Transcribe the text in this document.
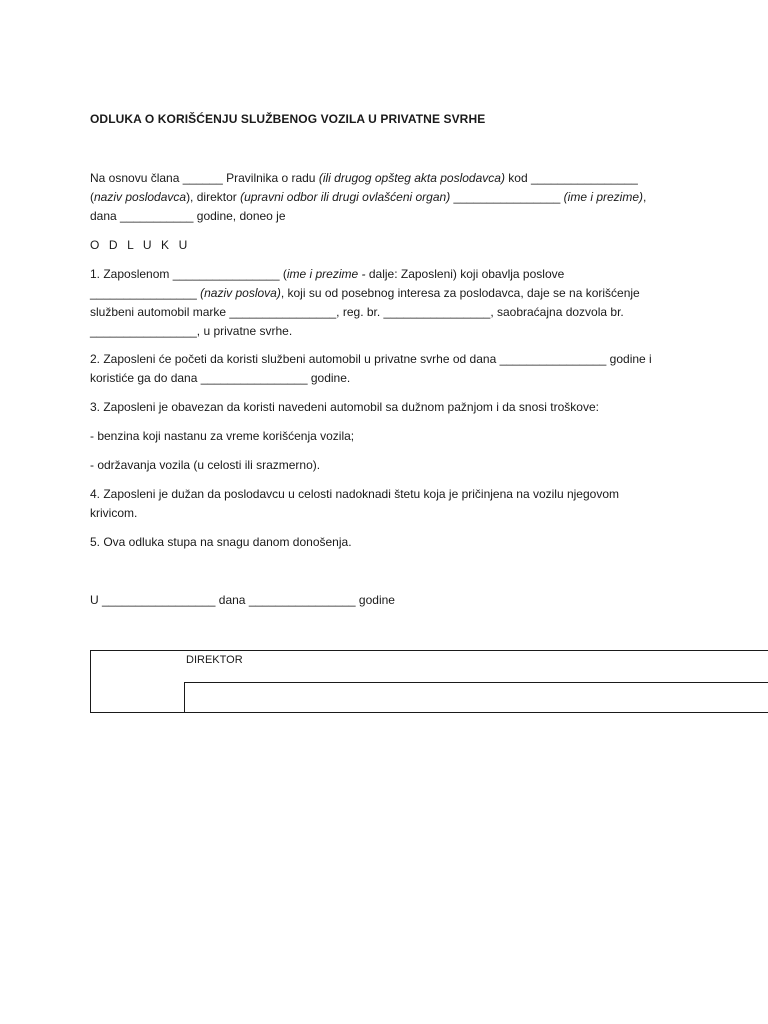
ODLUKA O KORIŠĆENJU SLUŽBENOG VOZILA U PRIVATNE SVRHE
Na osnovu člana ______ Pravilnika o radu (ili drugog opšteg akta poslodavca) kod ________________
(naziv poslodavca), direktor (upravni odbor ili drugi ovlašćeni organ) ________________ (ime i prezime),
dana ___________ godine, doneo je
O D L U K U
1. Zaposlenom ________________ (ime i prezime - dalje: Zaposleni) koji obavlja poslove
________________ (naziv poslova), koji su od posebnog interesa za poslodavca, daje se na korišćenje
službeni automobil marke ________________, reg. br. ________________, saobraćajna dozvola br.
________________, u privatne svrhe.
2. Zaposleni će početi da koristi službeni automobil u privatne svrhe od dana ________________ godine i
koristiće ga do dana ________________ godine.
3. Zaposleni je obavezan da koristi navedeni automobil sa dužnom pažnjom i da snosi troškove:
- benzina koji nastanu za vreme korišćenja vozila;
- održavanja vozila (u celosti ili srazmerno).
4. Zaposleni je dužan da poslodavcu u celosti nadoknadi štetu koja je pričinjena na vozilu njegovom
krivicom.
5. Ova odluka stupa na snagu danom donošenja.
U _________________ dana ________________ godine
DIREKTOR
